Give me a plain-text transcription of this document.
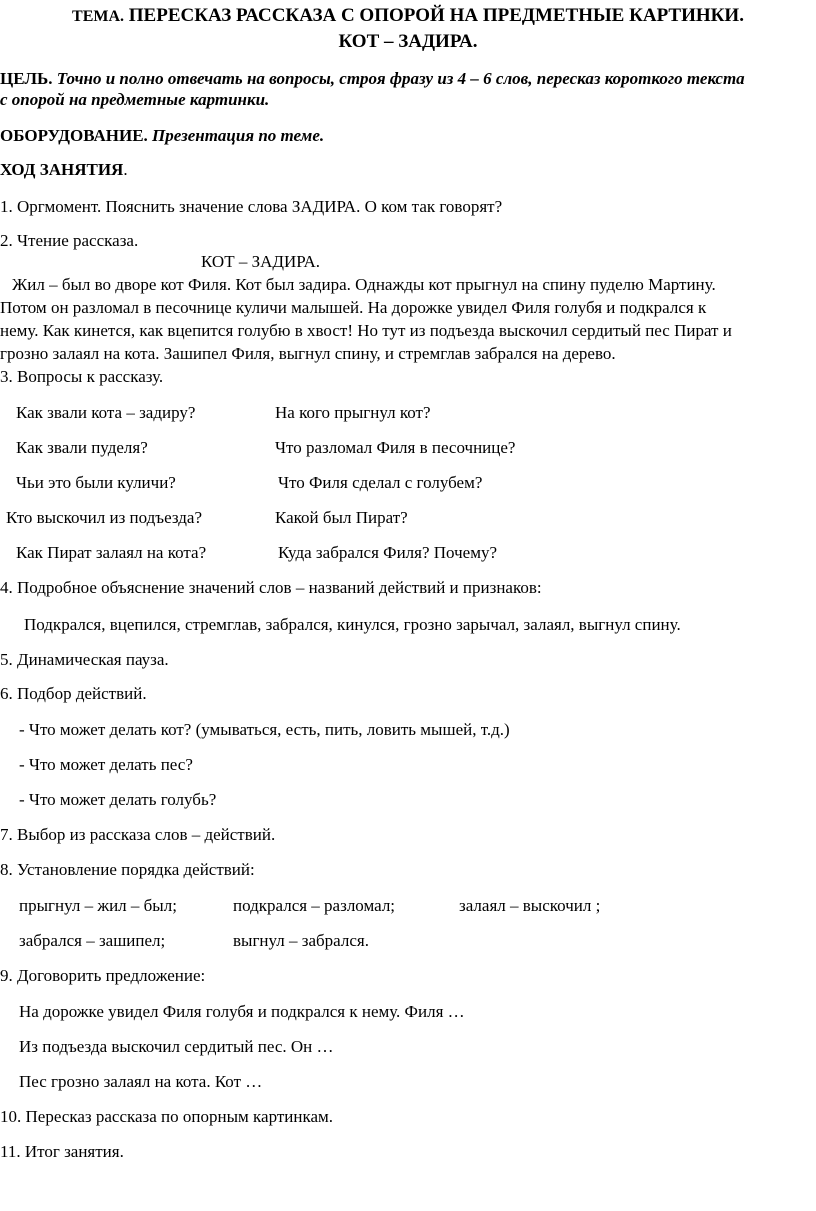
ТЕМА. ПЕРЕСКАЗ РАССКАЗА С ОПОРОЙ НА ПРЕДМЕТНЫЕ КАРТИНКИ.
КОТ – ЗАДИРА.
ЦЕЛЬ. Точно и полно отвечать на вопросы, строя фразу из 4 – 6 слов, пересказ короткого текста
с опорой на предметные картинки.
ОБОРУДОВАНИЕ. Презентация по теме.
ХОД ЗАНЯТИЯ.
1. Оргмомент. Пояснить значение слова ЗАДИРА. О ком так говорят?
2. Чтение рассказа.
КОТ – ЗАДИРА.
Жил – был во дворе кот Филя. Кот был задира. Однажды кот прыгнул на спину пуделю Мартину.
Потом он разломал в песочнице куличи малышей. На дорожке увидел Филя голубя и подкрался к
нему. Как кинется, как вцепится голубю в хвост! Но тут из подъезда выскочил сердитый пес Пират и
грозно залаял на кота. Зашипел Филя, выгнул спину, и стремглав забрался на дерево.
3. Вопросы к рассказу.
Как звали кота – задиру?	На кого прыгнул кот?
Как звали пуделя?	Что разломал Филя в песочнице?
Чьи это были куличи?	Что Филя сделал с голубем?
Кто выскочил из подъезда?	Какой был Пират?
Как Пират залаял на кота?	Куда забрался Филя? Почему?
4. Подробное объяснение значений слов – названий действий и признаков:
Подкрался, вцепился, стремглав, забрался, кинулся, грозно зарычал, залаял, выгнул спину.
5. Динамическая пауза.
6. Подбор действий.
- Что может делать кот? (умываться, есть, пить, ловить мышей, т.д.)
- Что может делать пес?
- Что может делать голубь?
7. Выбор из рассказа слов – действий.
8. Установление порядка действий:
прыгнул – жил – был;	подкрался – разломал;	залаял – выскочил ;
забрался – зашипел;	выгнул – забрался.
9. Договорить предложение:
На дорожке увидел Филя голубя и подкрался к нему. Филя …
Из подъезда выскочил сердитый пес. Он …
Пес грозно залаял на кота. Кот …
10. Пересказ рассказа по опорным картинкам.
11. Итог занятия.
